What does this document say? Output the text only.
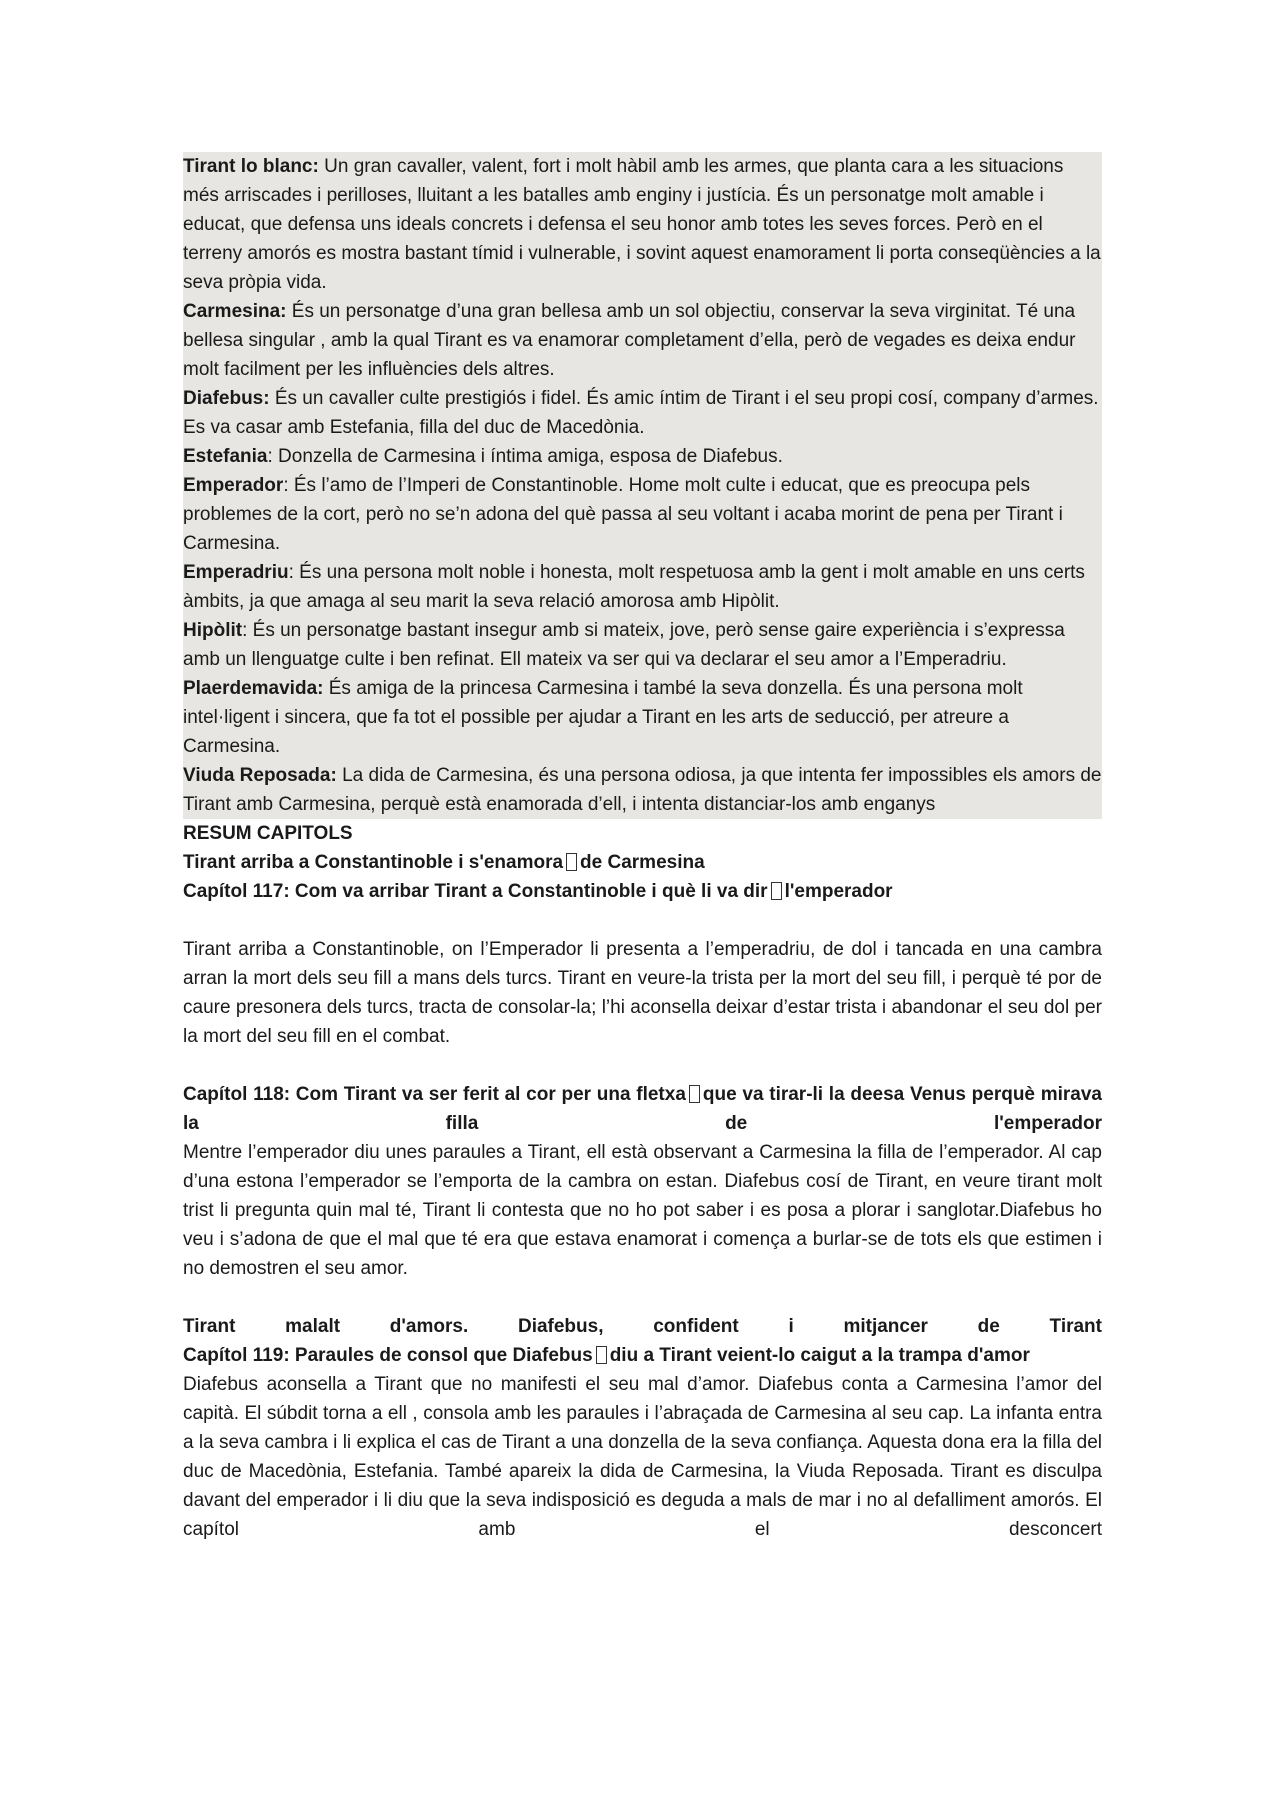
Tirant lo blanc: Un gran cavaller, valent, fort i molt hàbil amb les armes, que planta cara a les situacions més arriscades i perilloses, lluitant a les batalles amb enginy i justícia. És un personatge molt amable i educat, que defensa uns ideals concrets i defensa el seu honor amb totes les seves forces. Però en el terreny amorós es mostra bastant tímid i vulnerable, i sovint aquest enamorament li porta conseqüències a la seva pròpia vida.

Carmesina: És un personatge d’una gran bellesa amb un sol objectiu, conservar la seva virginitat. Té una bellesa singular , amb la qual Tirant es va enamorar completament d’ella, però de vegades es deixa endur molt facilment per les influències dels altres.

Diafebus: És un cavaller culte prestigiós i fidel. És amic íntim de Tirant i el seu propi cosí, company d’armes. Es va casar amb Estefania, filla del duc de Macedònia.

Estefania: Donzella de Carmesina i íntima amiga, esposa de Diafebus.

Emperador: És l’amo de l’Imperi de Constantinoble. Home molt culte i educat, que es preocupa pels problemes de la cort, però no se’n adona del què passa al seu voltant i acaba morint de pena per Tirant i Carmesina.

Emperadriu: És una persona molt noble i honesta, molt respetuosa amb la gent i molt amable en uns certs àmbits, ja que amaga al seu marit la seva relació amorosa amb Hipòlit.

Hipòlit: És un personatge bastant insegur amb si mateix, jove, però sense gaire experiència i s’expressa amb un llenguatge culte i ben refinat. Ell mateix va ser qui va declarar el seu amor a l’Emperadriu.

Plaerdemavida: És amiga de la princesa Carmesina i també la seva donzella. És una persona molt intel·ligent i sincera, que fa tot el possible per ajudar a Tirant en les arts de seducció, per atreure a Carmesina.

Viuda Reposada: La dida de Carmesina, és una persona odiosa, ja que intenta fer impossibles els amors de Tirant amb Carmesina, perquè està enamorada d’ell, i intenta distanciar-los amb enganys

RESUM CAPITOLS

Tirant arriba a Constantinoble i s'enamora de Carmesina

Capítol 117: Com va arribar Tirant a Constantinoble i què li va dir l'emperador

Tirant arriba a Constantinoble, on l’Emperador li presenta a l’emperadriu, de dol i tancada en una cambra arran la mort dels seu fill a mans dels turcs. Tirant en veure-la trista per la mort del seu fill, i perquè té por de caure presonera dels turcs, tracta de consolar-la; l’hi aconsella deixar d’estar trista i abandonar el seu dol per la mort del seu fill en el combat.

Capítol 118: Com Tirant va ser ferit al cor per una fletxa que va tirar-li la deesa Venus perquè mirava la filla de l'emperador

Mentre l’emperador diu unes paraules a Tirant, ell està observant a Carmesina la filla de l’emperador. Al cap d’una estona l’emperador se l’emporta de la cambra on estan. Diafebus cosí de Tirant, en veure tirant molt trist li pregunta quin mal té, Tirant li contesta que no ho pot saber i es posa a plorar i sanglotar.Diafebus ho veu i s’adona de que el mal que té era que estava enamorat i comença a burlar-se de tots els que estimen i no demostren el seu amor.

Tirant malalt d'amors. Diafebus, confident i mitjancer de Tirant

Capítol 119: Paraules de consol que Diafebus diu a Tirant veient-lo caigut a la trampa d'amor

Diafebus aconsella a Tirant que no manifesti el seu mal d’amor. Diafebus conta a Carmesina l’amor del capità. El súbdit torna a ell , consola amb les paraules i l’abraçada de Carmesina al seu cap. La infanta entra a la seva cambra i li explica el cas de Tirant a una donzella de la seva confiança. Aquesta dona era la filla del duc de Macedònia, Estefania. També apareix la dida de Carmesina, la Viuda Reposada. Tirant es disculpa davant del emperador i li diu que la seva indisposició es deguda a mals de mar i no al defalliment amorós. El capítol amb el desconcert
